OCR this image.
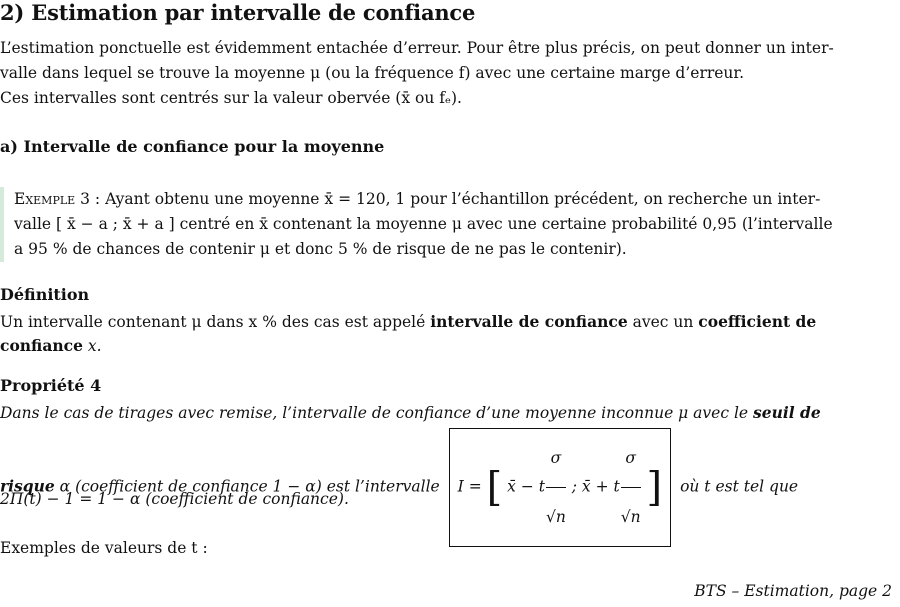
2) Estimation par intervalle de confiance
L’estimation ponctuelle est évidemment entachée d’erreur. Pour être plus précis, on peut donner un inter-
valle dans lequel se trouve la moyenne μ (ou la fréquence f) avec une certaine marge d’erreur.
Ces intervalles sont centrés sur la valeur obervée (x̄ ou fₑ).
a) Intervalle de confiance pour la moyenne
Exemple 3 : Ayant obtenu une moyenne x̄ = 120, 1 pour l’échantillon précédent, on recherche un inter-
valle [ x̄ − a ; x̄ + a ] centré en x̄ contenant la moyenne μ avec une certaine probabilité 0,95 (l’intervalle
a 95 % de chances de contenir μ et donc 5 % de risque de ne pas le contenir).
Définition
Un intervalle contenant μ dans x % des cas est appelé intervalle de confiance avec un coefficient de
confiance x.
Propriété 4
Dans le cas de tirages avec remise, l’intervalle de confiance d’une moyenne inconnue μ avec le seuil de
risque α (coefficient de confiance 1 − α) est l’intervalle I = [ x̄ − t $\frac{\sigma}{√n}$ ; x̄ + t $\frac{\sigma}{√n}$ ] où t est tel que
2Π(t) − 1 = 1 − α (coefficient de confiance).
Exemples de valeurs de t :
BTS – Estimation, page 2
